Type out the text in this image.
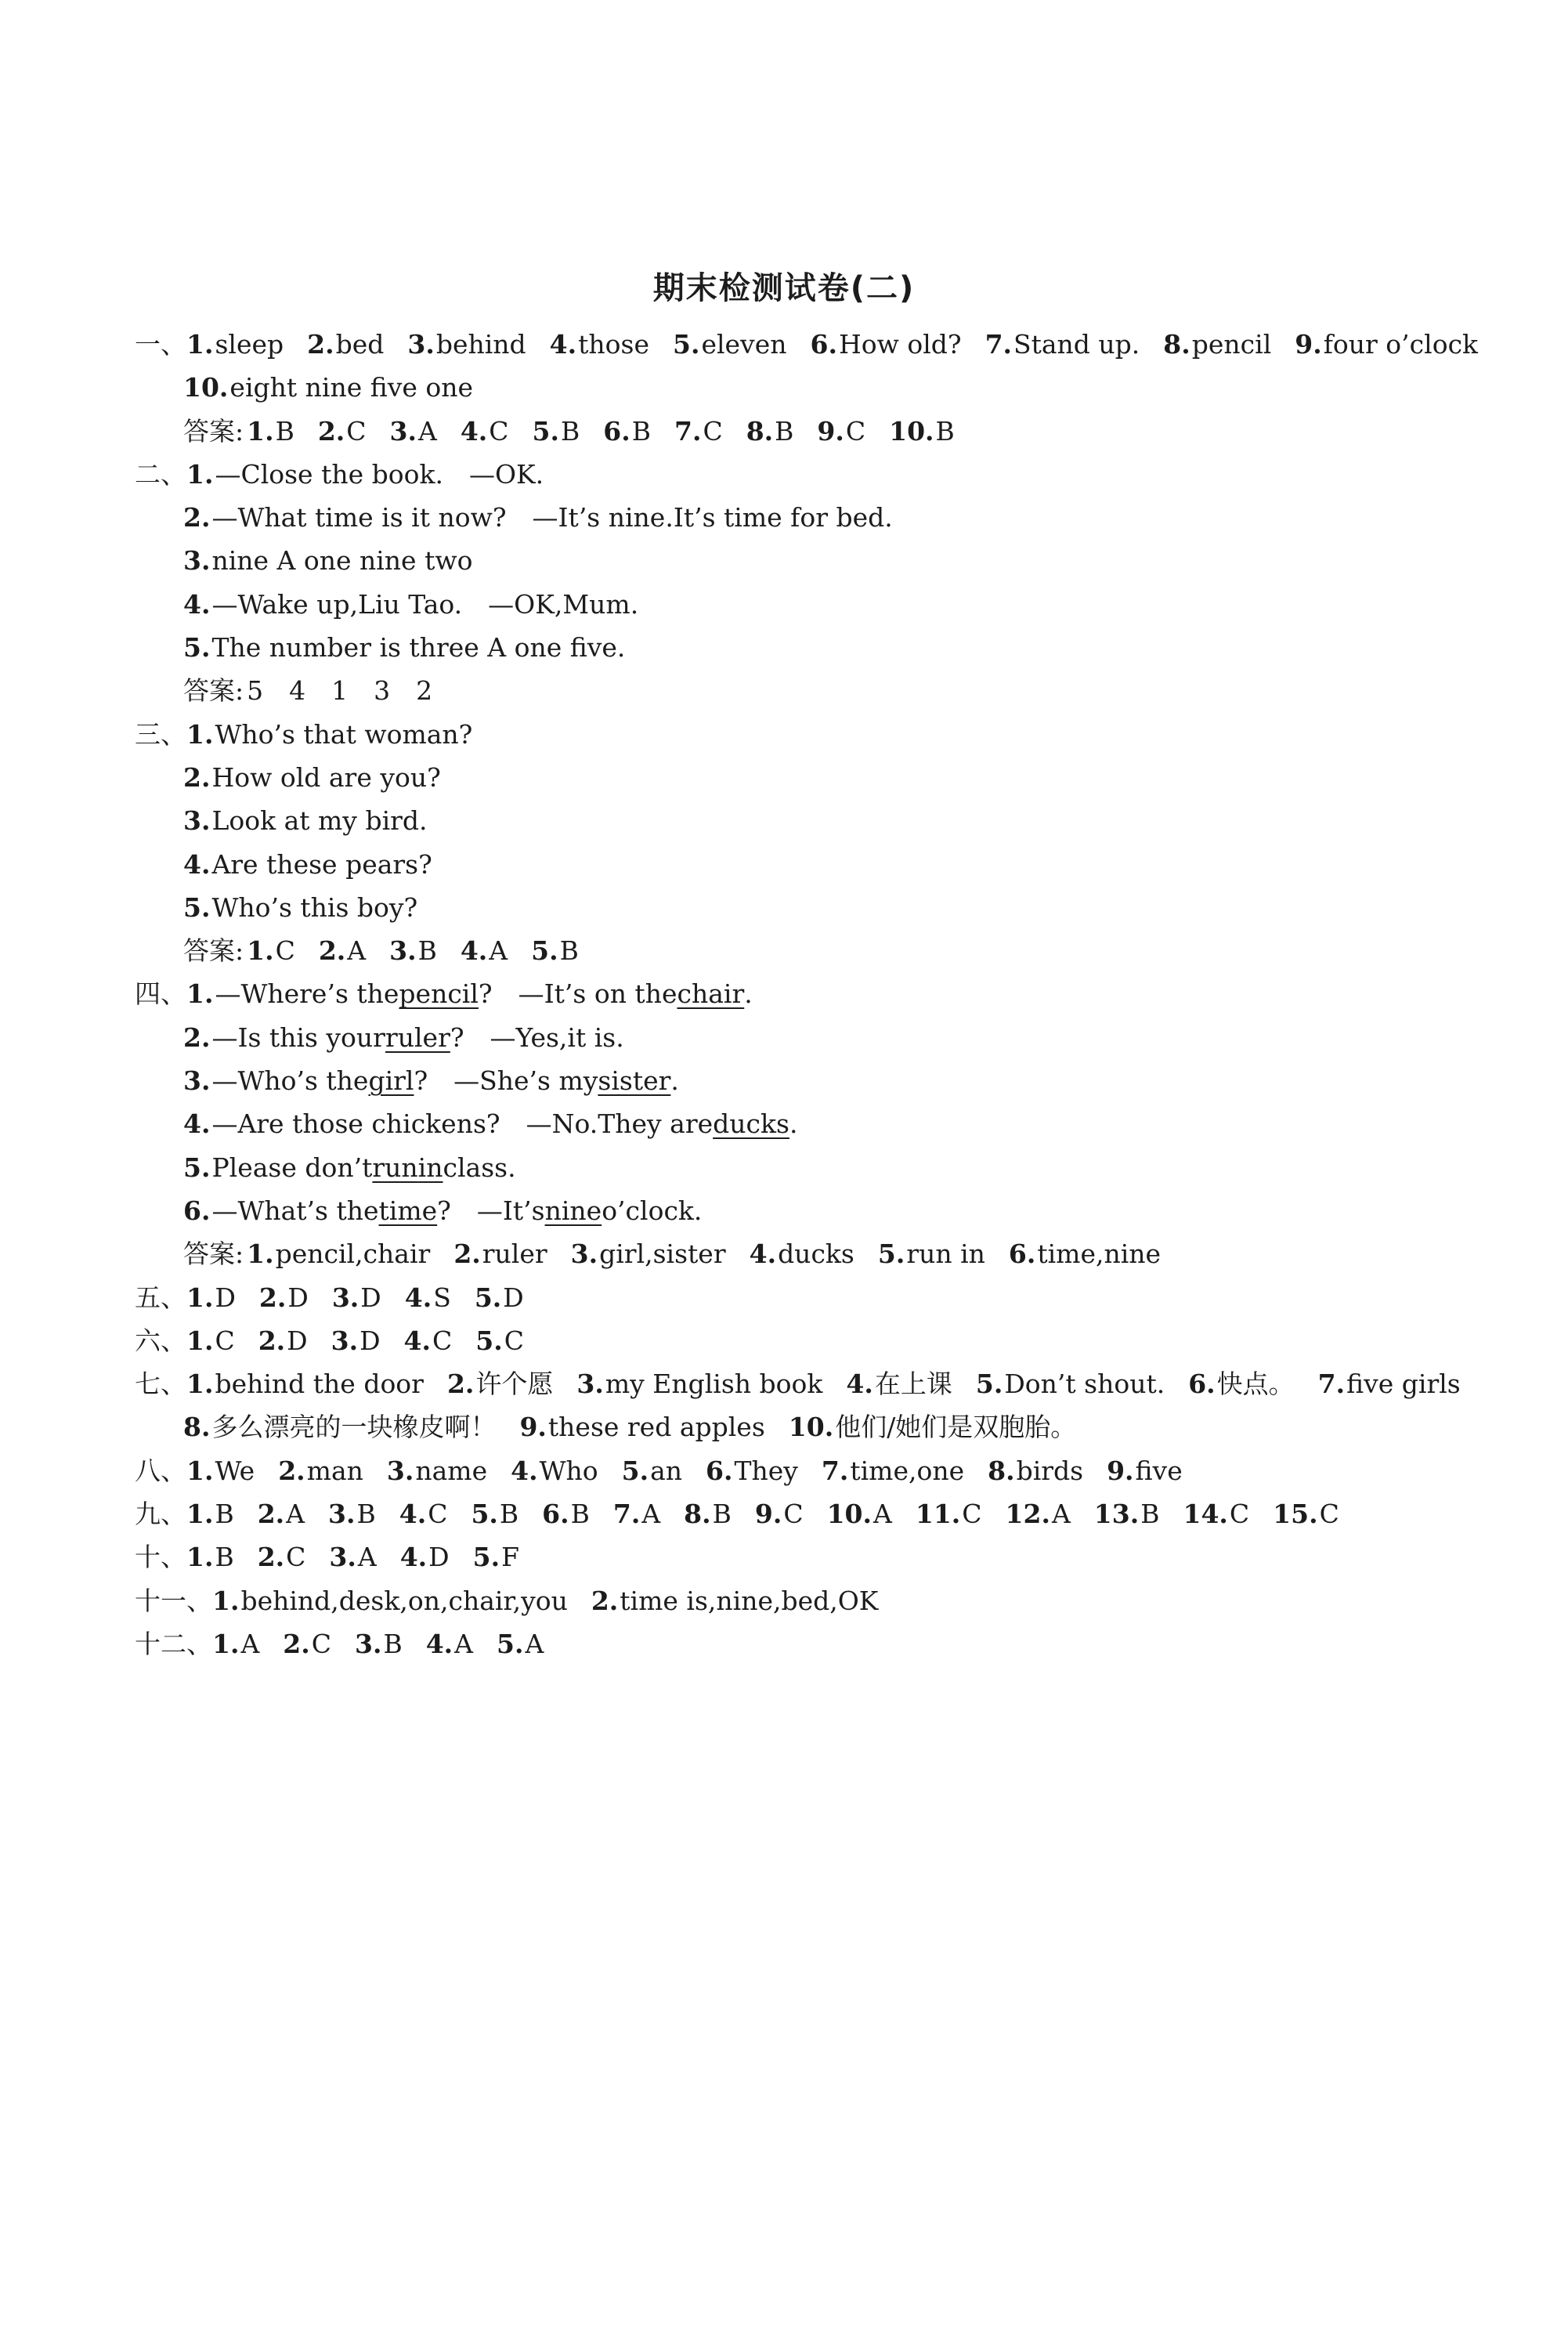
期末检测试卷(二)
一、 1. sleep 2. bed 3. behind 4. those 5. eleven 6. How old? 7. Stand up. 8. pencil 9. four o’clock
10. eight nine five one
答案: 1. B 2. C 3. A 4. C 5. B 6. B 7. C 8. B 9. C 10. B
二、 1. —Close the book.　—OK.
2. —What time is it now?　—It’s nine.It’s time for bed.
3. nine A one nine two
4. —Wake up,Liu Tao.　—OK,Mum.
5. The number is three A one five.
答案: 5　4　1　3　2
三、 1. Who’s that woman?
2. How old are you?
3. Look at my bird.
4. Are these pears?
5. Who’s this boy?
答案: 1. C 2. A 3. B 4. A 5. B
四、 1. —Where’s the pencil ?　—It’s on the chair .
2. —Is this your ruler ?　—Yes,it is.
3. —Who’s the girl ?　—She’s my sister .
4. —Are those chickens?　—No.They are ducks .
5. Please don’t run in class.
6. —What’s the time ?　—It’s nine o’clock.
答案: 1. pencil,chair 2. ruler 3. girl,sister 4. ducks 5. run in 6. time,nine
五、 1. D 2. D 3. D 4. S 5. D
六、 1. C 2. D 3. D 4. C 5. C
七、 1. behind the door 2. 许个愿 3. my English book 4. 在上课 5. Don’t shout. 6. 快点。 7. five girls
8. 多么漂亮的一块橡皮啊！ 9. these red apples 10. 他们/她们是双胞胎。
八、 1. We 2. man 3. name 4. Who 5. an 6. They 7. time,one 8. birds 9. five
九、 1. B 2. A 3. B 4. C 5. B 6. B 7. A 8. B 9. C 10. A 11. C 12. A 13. B 14. C 15. C
十、 1. B 2. C 3. A 4. D 5. F
十一、 1. behind,desk,on,chair,you 2. time is,nine,bed,OK
十二、 1. A 2. C 3. B 4. A 5. A
